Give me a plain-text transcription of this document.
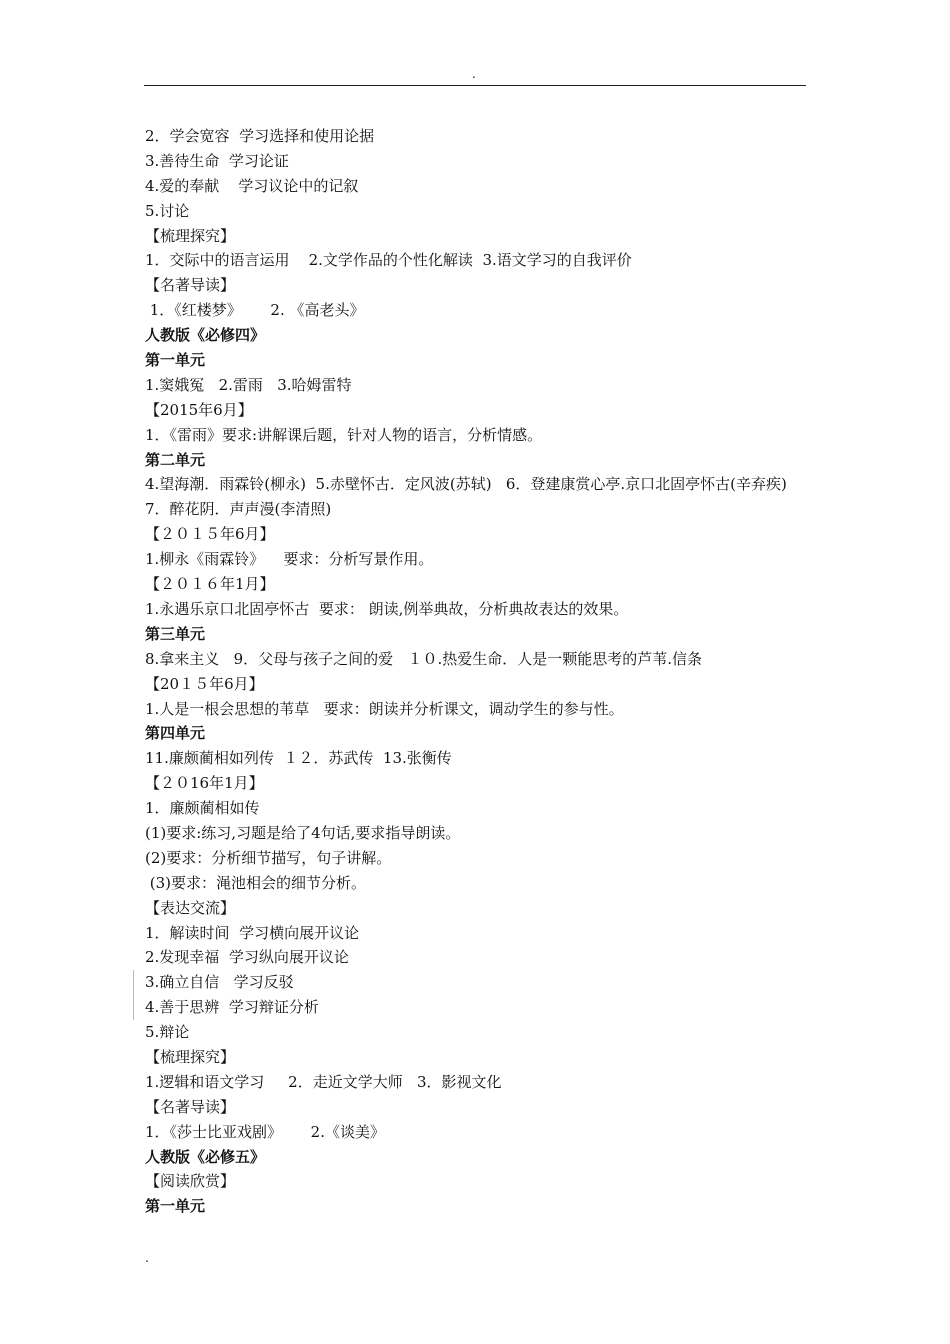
.
2．学会宽容  学习选择和使用论据
3.善待生命  学习论证
4.爱的奉献    学习议论中的记叙
5.讨论
【梳理探究】
1．交际中的语言运用    2.文学作品的个性化解读  3.语文学习的自我评价
【名著导读】
1．《红楼梦》      2. 《高老头》
人教版《必修四》
第一单元
1.窦娥冤   2.雷雨   3.哈姆雷特
【2015年6月】
1．《雷雨》要求:讲解课后题，针对人物的语言，分析情感。
第二单元
4.望海潮．雨霖铃(柳永)  5.赤壁怀古．定风波(苏轼)   6．登建康赏心亭.京口北固亭怀古(辛弃疾)    7．醉花阴．声声漫(李清照)
【２０１５年6月】
1.柳永《雨霖铃》    要求：分析写景作用。
【２０１６年1月】
1.永遇乐京口北固亭怀古  要求： 朗读,例举典故，分析典故表达的效果。
第三单元
8.拿来主义   9．父母与孩子之间的爱   １０.热爱生命．人是一颗能思考的芦苇.信条
【20１５年6月】
1.人是一根会思想的苇草   要求：朗读并分析课文，调动学生的参与性。
第四单元
11.廉颇蔺相如列传  １２．苏武传  13.张衡传
【２０16年1月】
1．廉颇蔺相如传
(1)要求:练习,习题是给了4句话,要求指导朗读。
(2)要求：分析细节描写，句子讲解。
(3)要求：渑池相会的细节分析。
【表达交流】
1．解读时间  学习横向展开议论
2.发现幸福  学习纵向展开议论
3.确立自信   学习反驳
4.善于思辨  学习辩证分析
5.辩论
【梳理探究】
1.逻辑和语文学习     2．走近文学大师   3．影视文化
【名著导读】
1．《莎士比亚戏剧》      2.《谈美》
人教版《必修五》
【阅读欣赏】
第一单元
.
